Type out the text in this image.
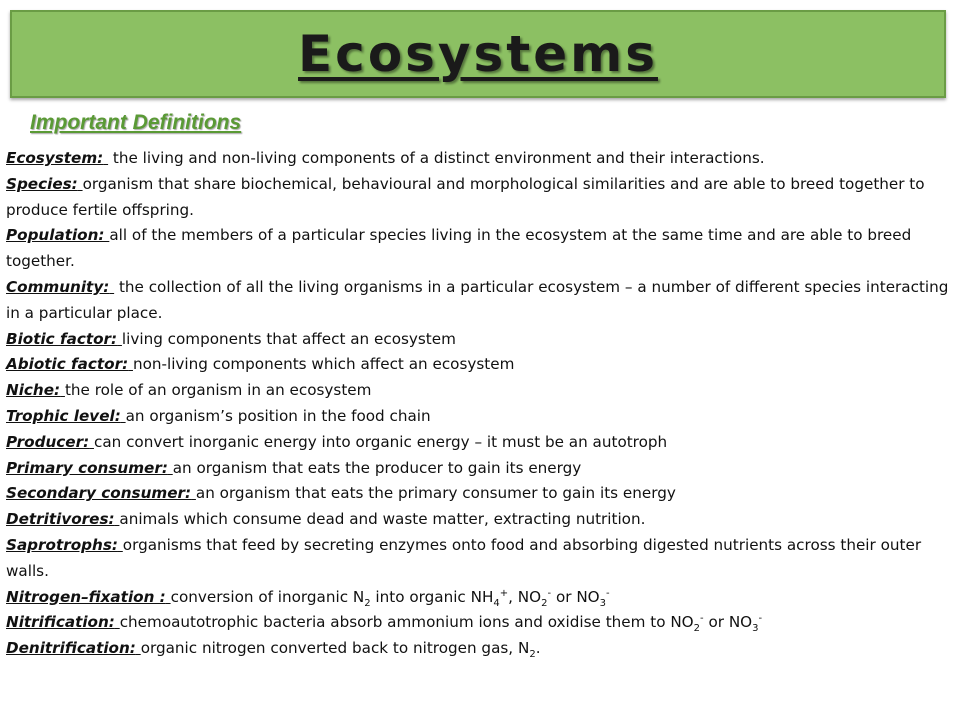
Ecosystems
Important Definitions

Ecosystem: the living and non-living components of a distinct environment and their interactions.

Species: organism that share biochemical, behavioural and morphological similarities and are able to breed together to produce fertile offspring.

Population: all of the members of a particular species living in the ecosystem at the same time and are able to breed together.

Community: the collection of all the living organisms in a particular ecosystem – a number of different species interacting in a particular place.

Biotic factor: living components that affect an ecosystem

Abiotic factor: non-living components which affect an ecosystem

Niche: the role of an organism in an ecosystem

Trophic level: an organism’s position in the food chain

Producer: can convert inorganic energy into organic energy – it must be an autotroph

Primary consumer: an organism that eats the producer to gain its energy

Secondary consumer: an organism that eats the primary consumer to gain its energy

Detritivores: animals which consume dead and waste matter, extracting nutrition.

Saprotrophs: organisms that feed by secreting enzymes onto food and absorbing digested nutrients across their outer walls.

Nitrogen–fixation : conversion of inorganic $N_2$ into organic $NH_4^+$, $NO_2^-$ or $NO_3^-$

Nitrification: chemoautotrophic bacteria absorb ammonium ions and oxidise them to $NO_2^-$ or $NO_3^-$

Denitrification: organic nitrogen converted back to nitrogen gas, $N_2$.
